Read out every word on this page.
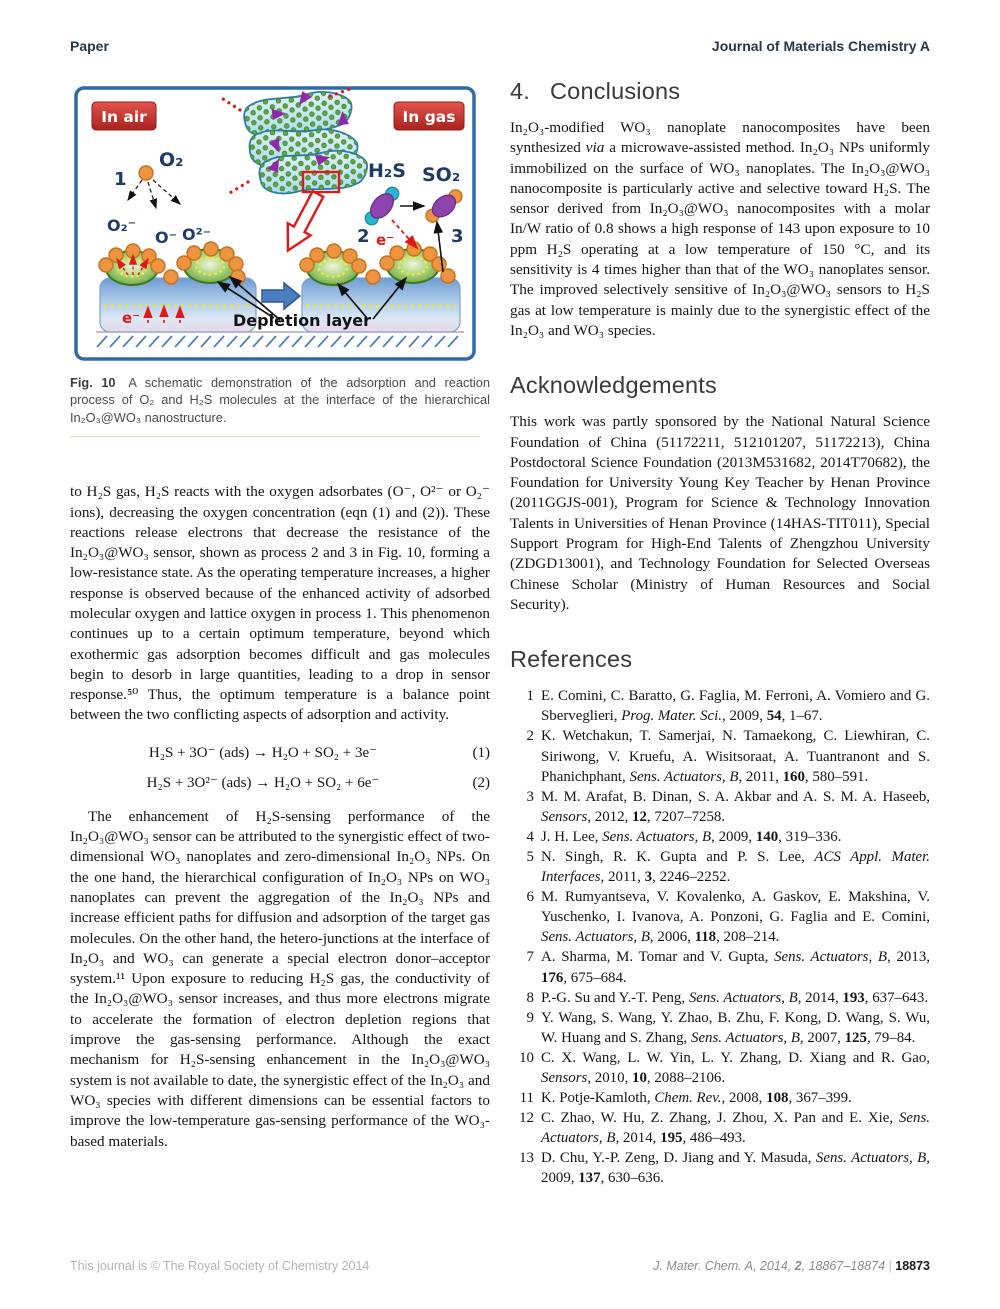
Paper	Journal of Materials Chemistry A
In air	In gas
O₂
1
O₂⁻
O⁻ O²⁻
e⁻	Depletion layer
H₂S SO₂
2 e⁻	3
Fig. 10 A schematic demonstration of the adsorption and reaction process of O₂ and H₂S molecules at the interface of the hierarchical In₂O₃@WO₃ nanostructure.

to H₂S gas, H₂S reacts with the oxygen adsorbates (O⁻, O²⁻ or O₂⁻ ions), decreasing the oxygen concentration (eqn (1) and (2)). These reactions release electrons that decrease the resistance of the In₂O₃@WO₃ sensor, shown as process 2 and 3 in Fig. 10, forming a low-resistance state. As the operating temperature increases, a higher response is observed because of the enhanced activity of adsorbed molecular oxygen and lattice oxygen in process 1. This phenomenon continues up to a certain optimum temperature, beyond which exothermic gas adsorption becomes difficult and gas molecules begin to desorb in large quantities, leading to a drop in sensor response.⁵⁰ Thus, the optimum temperature is a balance point between the two conflicting aspects of adsorption and activity.

H₂S + 3O⁻ (ads) → H₂O + SO₂ + 3e⁻	(1)
H₂S + 3O²⁻ (ads) → H₂O + SO₂ + 6e⁻	(2)

The enhancement of H₂S-sensing performance of the In₂O₃@WO₃ sensor can be attributed to the synergistic effect of two-dimensional WO₃ nanoplates and zero-dimensional In₂O₃ NPs. On the one hand, the hierarchical configuration of In₂O₃ NPs on WO₃ nanoplates can prevent the aggregation of the In₂O₃ NPs and increase efficient paths for diffusion and adsorption of the target gas molecules. On the other hand, the hetero-junctions at the interface of In₂O₃ and WO₃ can generate a special electron donor–acceptor system.¹¹ Upon exposure to reducing H₂S gas, the conductivity of the In₂O₃@WO₃ sensor increases, and thus more electrons migrate to accelerate the formation of electron depletion regions that improve the gas-sensing performance. Although the exact mechanism for H₂S-sensing enhancement in the In₂O₃@WO₃ system is not available to date, the synergistic effect of the In₂O₃ and WO₃ species with different dimensions can be essential factors to improve the low-temperature gas-sensing performance of the WO₃-based materials.

4. Conclusions

In₂O₃-modified WO₃ nanoplate nanocomposites have been synthesized via a microwave-assisted method. In₂O₃ NPs uniformly immobilized on the surface of WO₃ nanoplates. The In₂O₃@WO₃ nanocomposite is particularly active and selective toward H₂S. The sensor derived from In₂O₃@WO₃ nanocomposites with a molar In/W ratio of 0.8 shows a high response of 143 upon exposure to 10 ppm H₂S operating at a low temperature of 150 °C, and its sensitivity is 4 times higher than that of the WO₃ nanoplates sensor. The improved selectively sensitive of In₂O₃@WO₃ sensors to H₂S gas at low temperature is mainly due to the synergistic effect of the In₂O₃ and WO₃ species.

Acknowledgements

This work was partly sponsored by the National Natural Science Foundation of China (51172211, 512101207, 51172213), China Postdoctoral Science Foundation (2013M531682, 2014T70682), the Foundation for University Young Key Teacher by Henan Province (2011GGJS-001), Program for Science & Technology Innovation Talents in Universities of Henan Province (14HAS-TIT011), Special Support Program for High-End Talents of Zhengzhou University (ZDGD13001), and Technology Foundation for Selected Overseas Chinese Scholar (Ministry of Human Resources and Social Security).

References
1 E. Comini, C. Baratto, G. Faglia, M. Ferroni, A. Vomiero and G. Sberveglieri, Prog. Mater. Sci., 2009, 54, 1–67.
2 K. Wetchakun, T. Samerjai, N. Tamaekong, C. Liewhiran, C. Siriwong, V. Kruefu, A. Wisitsoraat, A. Tuantranont and S. Phanichphant, Sens. Actuators, B, 2011, 160, 580–591.
3 M. M. Arafat, B. Dinan, S. A. Akbar and A. S. M. A. Haseeb, Sensors, 2012, 12, 7207–7258.
4 J. H. Lee, Sens. Actuators, B, 2009, 140, 319–336.
5 N. Singh, R. K. Gupta and P. S. Lee, ACS Appl. Mater. Interfaces, 2011, 3, 2246–2252.
6 M. Rumyantseva, V. Kovalenko, A. Gaskov, E. Makshina, V. Yuschenko, I. Ivanova, A. Ponzoni, G. Faglia and E. Comini, Sens. Actuators, B, 2006, 118, 208–214.
7 A. Sharma, M. Tomar and V. Gupta, Sens. Actuators, B, 2013, 176, 675–684.
8 P.-G. Su and Y.-T. Peng, Sens. Actuators, B, 2014, 193, 637–643.
9 Y. Wang, S. Wang, Y. Zhao, B. Zhu, F. Kong, D. Wang, S. Wu, W. Huang and S. Zhang, Sens. Actuators, B, 2007, 125, 79–84.
10 C. X. Wang, L. W. Yin, L. Y. Zhang, D. Xiang and R. Gao, Sensors, 2010, 10, 2088–2106.
11 K. Potje-Kamloth, Chem. Rev., 2008, 108, 367–399.
12 C. Zhao, W. Hu, Z. Zhang, J. Zhou, X. Pan and E. Xie, Sens. Actuators, B, 2014, 195, 486–493.
13 D. Chu, Y.-P. Zeng, D. Jiang and Y. Masuda, Sens. Actuators, B, 2009, 137, 630–636.
This journal is © The Royal Society of Chemistry 2014	J. Mater. Chem. A, 2014, 2, 18867–18874 | 18873
